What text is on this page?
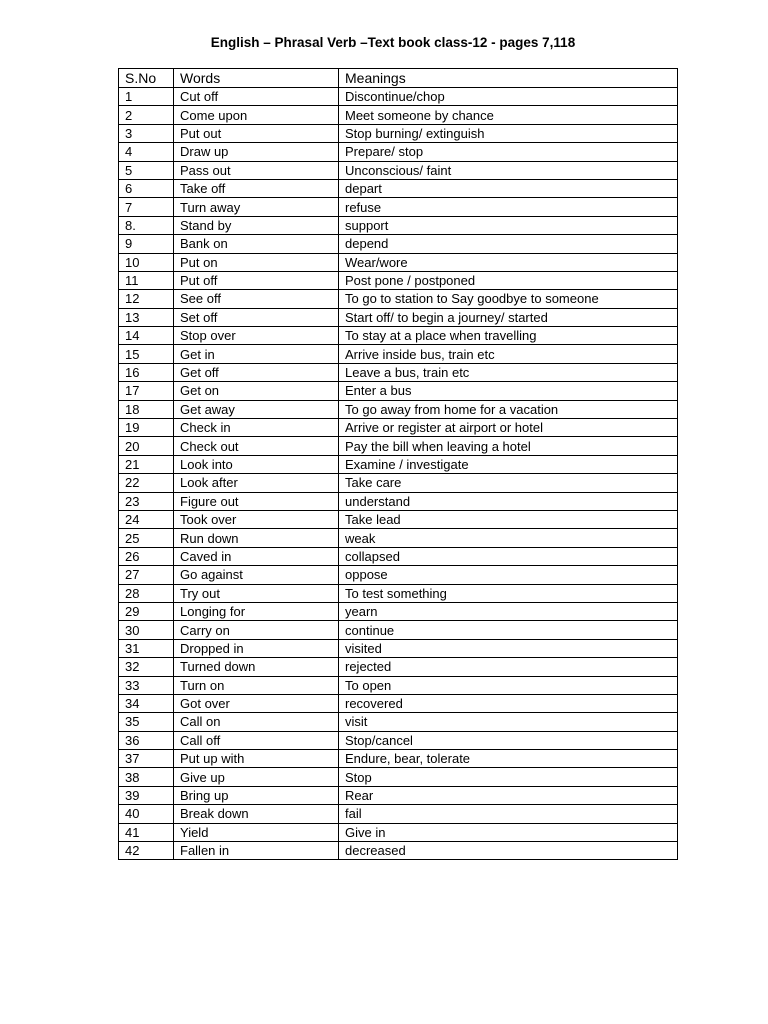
English – Phrasal Verb –Text book class-12 - pages 7,118
S.No	Words	Meanings
1	Cut off	Discontinue/chop
2	Come upon	Meet someone by chance
3	Put out	Stop burning/ extinguish
4	Draw up	Prepare/ stop
5	Pass out	Unconscious/ faint
6	Take off	depart
7	Turn away	refuse
8.	Stand by	support
9	Bank on	depend
10	Put on	Wear/wore
11	Put off	Post pone / postponed
12	See off	To go to station to Say goodbye to someone
13	Set off	Start off/ to begin a journey/ started
14	Stop over	To stay at a place when travelling
15	Get in	Arrive inside bus, train etc
16	Get off	Leave a bus, train etc
17	Get on	Enter a bus
18	Get away	To go away from home for a vacation
19	Check in	Arrive or register at airport or hotel
20	Check out	Pay the bill when leaving a hotel
21	Look into	Examine / investigate
22	Look after	Take care
23	Figure out	understand
24	Took over	Take lead
25	Run down	weak
26	Caved in	collapsed
27	Go against	oppose
28	Try out	To test something
29	Longing for	yearn
30	Carry on	continue
31	Dropped in	visited
32	Turned down	rejected
33	Turn on	To open
34	Got over	recovered
35	Call on	visit
36	Call off	Stop/cancel
37	Put up with	Endure, bear, tolerate
38	Give up	Stop
39	Bring up	Rear
40	Break down	fail
41	Yield	Give in
42	Fallen in	decreased
